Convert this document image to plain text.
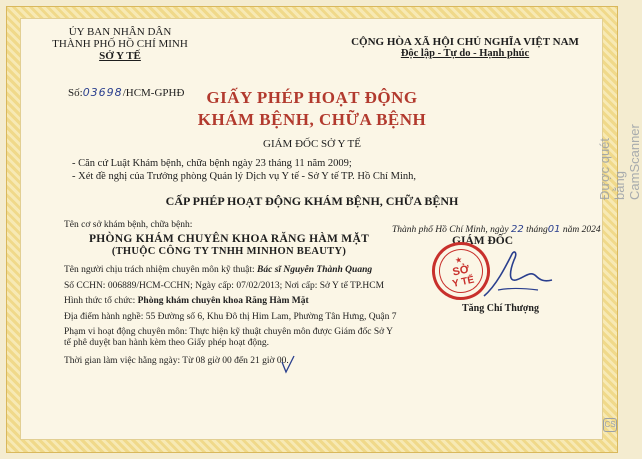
ỦY BAN NHÂN DÂN
THÀNH PHỐ HỒ CHÍ MINH
SỞ Y TẾ
CỘNG HÒA XÃ HỘI CHỦ NGHĨA VIỆT NAM
Độc lập - Tự do - Hạnh phúc
Số:03698/HCM-GPHĐ	GIẤY PHÉP HOẠT ĐỘNG
KHÁM BỆNH, CHỮA BỆNH
GIÁM ĐỐC SỞ Y TẾ
- Căn cứ Luật Khám bệnh, chữa bệnh ngày 23 tháng 11 năm 2009;
- Xét đề nghị của Trưởng phòng Quản lý Dịch vụ Y tế - Sở Y tế TP. Hồ Chí Minh,
CẤP PHÉP HOẠT ĐỘNG KHÁM BỆNH, CHỮA BỆNH
Tên cơ sở khám bệnh, chữa bệnh:
PHÒNG KHÁM CHUYÊN KHOA RĂNG HÀM MẶT
(THUỘC CÔNG TY TNHH MINHON BEAUTY)
Tên người chịu trách nhiệm chuyên môn kỹ thuật: Bác sĩ Nguyễn Thành Quang
Số CCHN: 006889/HCM-CCHN; Ngày cấp: 07/02/2013; Nơi cấp: Sở Y tế TP.HCM
Hình thức tổ chức: Phòng khám chuyên khoa Răng Hàm Mặt
Địa điểm hành nghề: 55 Đường số 6, Khu Đô thị Him Lam, Phường Tân Hưng, Quận 7
Phạm vi hoạt động chuyên môn: Thực hiện kỹ thuật chuyên môn được Giám đốc Sở Y
tế phê duyệt ban hành kèm theo Giấy phép hoạt động.
Thời gian làm việc hằng ngày: Từ 08 giờ 00 đến 21 giờ 00.
Thành phố Hồ Chí Minh, ngày 22 tháng01 năm 2024
GIÁM ĐỐC
★
SỞ
Y TẾ
Tăng Chí Thượng
Được quét bằng CamScanner
CS
